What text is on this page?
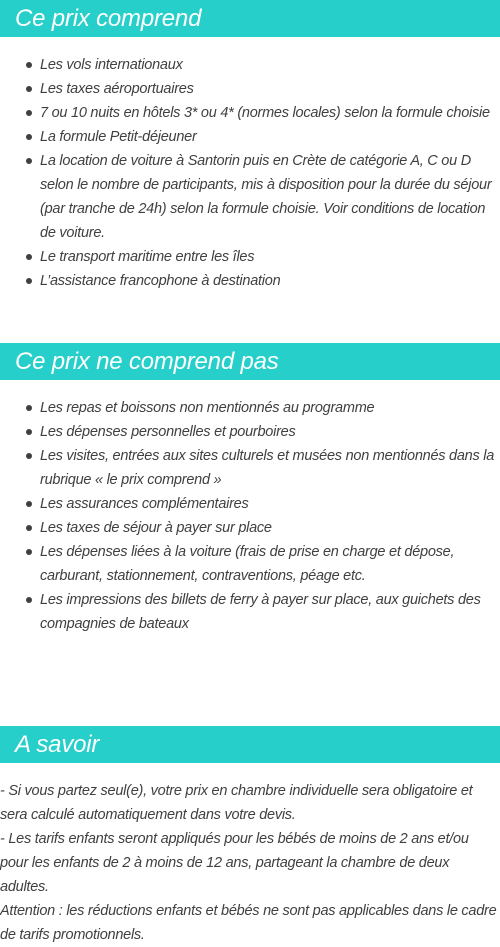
Ce prix comprend
Les vols internationaux
Les taxes aéroportuaires
7 ou 10 nuits en hôtels 3* ou 4* (normes locales) selon la formule choisie
La formule Petit-déjeuner
La location de voiture à Santorin puis en Crète de catégorie A, C ou D selon le nombre de participants, mis à disposition pour la durée du séjour (par tranche de 24h) selon la formule choisie. Voir conditions de location de voiture.
Le transport maritime entre les îles
L’assistance francophone à destination
Ce prix ne comprend pas
Les repas et boissons non mentionnés au programme
Les dépenses personnelles et pourboires
Les visites, entrées aux sites culturels et musées non mentionnés dans la rubrique « le prix comprend »
Les assurances complémentaires
Les taxes de séjour à payer sur place
Les dépenses liées à la voiture (frais de prise en charge et dépose, carburant, stationnement, contraventions, péage etc.
Les impressions des billets de ferry à payer sur place, aux guichets des compagnies de bateaux
A savoir

- Si vous partez seul(e), votre prix en chambre individuelle sera obligatoire et sera calculé automatiquement dans votre devis.

- Les tarifs enfants seront appliqués pour les bébés de moins de 2 ans et/ou pour les enfants de 2 à moins de 12 ans, partageant la chambre de deux adultes.

Attention : les réductions enfants et bébés ne sont pas applicables dans le cadre de tarifs promotionnels.
